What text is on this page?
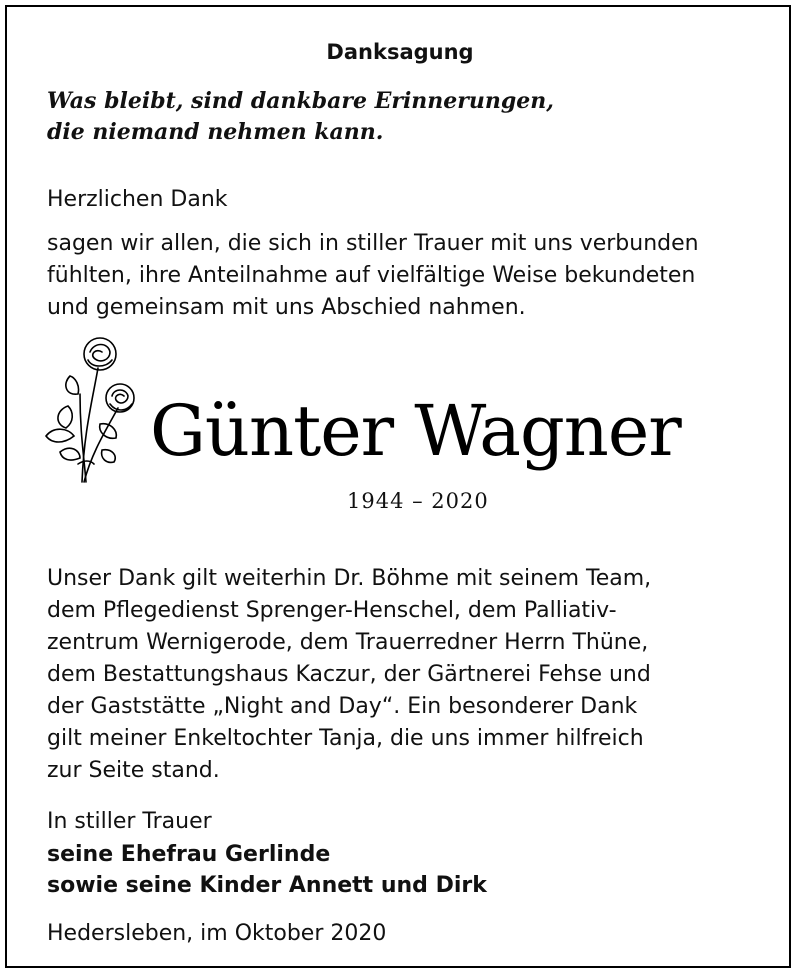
Danksagung
Was bleibt, sind dankbare Erinnerungen,
die niemand nehmen kann.
Herzlichen Dank
sagen wir allen, die sich in stiller Trauer mit uns verbunden
fühlten, ihre Anteilnahme auf vielfältige Weise bekundeten
und gemeinsam mit uns Abschied nahmen.
Günter Wagner
1944 – 2020
Unser Dank gilt weiterhin Dr. Böhme mit seinem Team,
dem Pflegedienst Sprenger-Henschel, dem Palliativ-
zentrum Wernigerode, dem Trauerredner Herrn Thüne,
dem Bestattungshaus Kaczur, der Gärtnerei Fehse und
der Gaststätte „Night and Day“. Ein besonderer Dank
gilt meiner Enkeltochter Tanja, die uns immer hilfreich
zur Seite stand.
In stiller Trauer
seine Ehefrau Gerlinde
sowie seine Kinder Annett und Dirk
Hedersleben, im Oktober 2020
